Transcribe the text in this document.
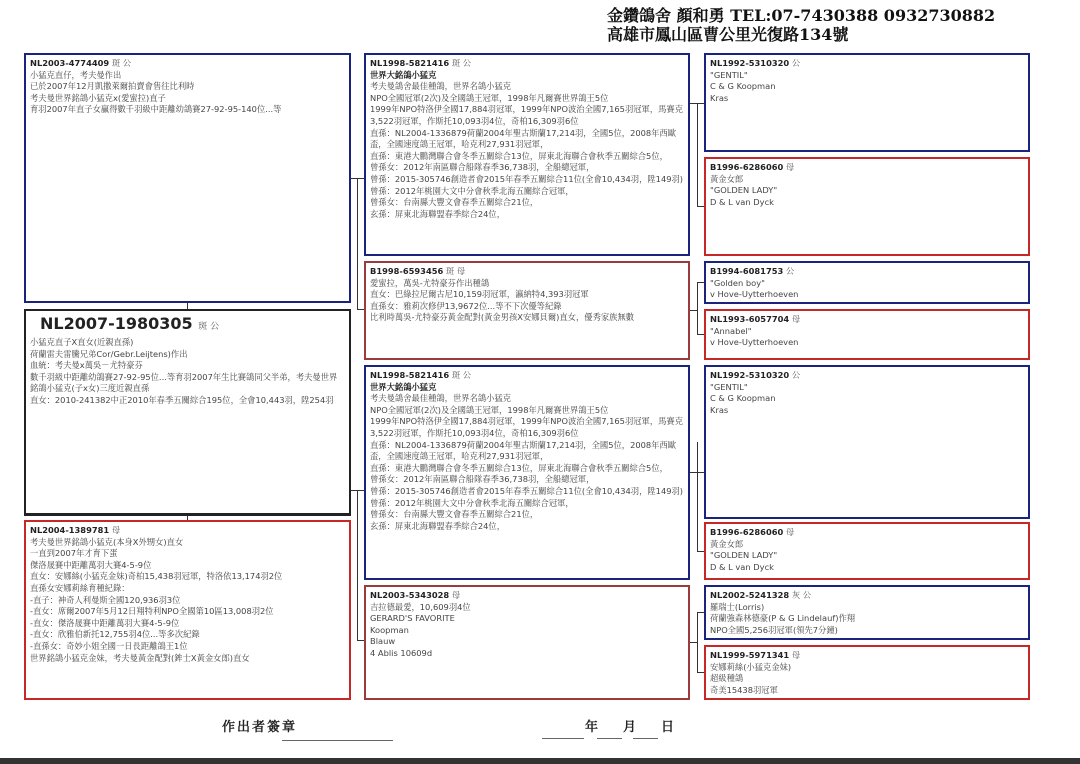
金鑽鴿舍 顏和勇 TEL:07-7430388 0932730882
高雄市鳳山區曹公里光復路134號
NL2003-4774409 斑 公
小猛克直仔，考夫曼作出
已於2007年12月凱撒萊爾拍賣會售往比利時
考夫曼世界銘鴿小猛克x(愛蜜拉)直子
育羽2007年直子女贏得數千羽級中距離幼鴿賽27-92-95-140位...等
NL2007-1980305 斑 公
小猛克直子X直女(近親直孫)
荷蘭雷夫雷騰兄弟Cor/Gebr.Leijtens)作出
血統：考夫曼x萬吳－尤特豪芬
數千羽級中距離幼鴿賽27-92-95位...等育羽2007年生比賽鴿同父半弟，考夫曼世界銘鴿小猛克(子x女)三度近親直孫
直女：2010-241382中正2010年春季五關綜合195位，全會10,443羽，陞254羽
NL2004-1389781 母
考夫曼世界銘鴿小猛克(本身X外甥女)直女
一直到2007年才育下蛋
傑洛晟賽中距離萬羽大賽4-5-9位
直女：安娜絲(小猛克金妹)奇柏15,438羽冠軍，特洛依13,174羽2位
直孫女安娜莉絲育種紀錄：
-直子：神奇人利曼斯全國120,936羽3位
-直女：席爾2007年5月12日翔特利NPO全國第10區13,008羽2位
-直女：傑洛晟賽中距離萬羽大賽4-5-9位
-直女：欣雅伯新托12,755羽4位...等多次紀錄
-直孫女：奇妙小姐全國一日長距離鴿王1位
世界銘鴿小猛克金妹，考夫曼黃金配對(鉾士X黃金女郎)直女
NL1998-5821416 斑 公
世界大銘鴿小猛克
考夫曼鴿舍最佳種鴿，世界名鴿小猛克
NPO全國冠軍(2次)及全國鴿王冠軍，1998年凡爾賽世界鴿王5位
1999年NPO特洛伊全國17,884羽冠軍，1999年NPO波治全國7,165羽冠軍，馬賽克3,522羽冠軍，作斯托10,093羽4位，奇柏16,309羽6位
直孫：NL2004-1336879荷蘭2004年聖古斯蘭17,214羽，全國5位，2008年西歐盃，全國速度鴿王冠軍，哈克利27,931羽冠軍，
直孫：東港大鵬灣聯合會冬季五關綜合13位，屏東北海聯合會秋季五關綜合5位，
曾孫女：2012年南區聯合船隊春季36,738羽，全船總冠軍，
曾孫：2015-305746創造者會2015年春季五關綜合11位(全會10,434羽，陞149羽)
曾孫：2012年桃園大文中分會秋季北海五關綜合冠軍，
曾孫女：台南縣大豐文會春季五關綜合21位，
玄孫：屏東北海聯盟春季綜合24位，
B1998-6593456 斑 母
愛蜜拉，萬吳-尤特豪芬作出種鴿
直女：巴綠拉尼爾古尼10,159羽冠軍，瀛納特4,393羽冠軍
直孫女：雅莉次修伊13,9672位...等不下次優等紀錄
比利時萬吳-尤特豪芬黃金配對(黃金男孩X安娜貝爾)直女，優秀家族無數
NL1998-5821416 斑 公
世界大銘鴿小猛克
考夫曼鴿舍最佳種鴿，世界名鴿小猛克
NPO全國冠軍(2次)及全國鴿王冠軍，1998年凡爾賽世界鴿王5位
1999年NPO特洛伊全國17,884羽冠軍，1999年NPO波治全國7,165羽冠軍，馬賽克3,522羽冠軍，作斯托10,093羽4位，奇柏16,309羽6位
直孫：NL2004-1336879荷蘭2004年聖古斯蘭17,214羽，全國5位，2008年西歐盃，全國速度鴿王冠軍，哈克利27,931羽冠軍，
直孫：東港大鵬灣聯合會冬季五關綜合13位，屏東北海聯合會秋季五關綜合5位，
曾孫女：2012年南區聯合船隊春季36,738羽，全船總冠軍，
曾孫：2015-305746創造者會2015年春季五關綜合11位(全會10,434羽，陞149羽)
曾孫：2012年桃園大文中分會秋季北海五關綜合冠軍，
曾孫女：台南縣大豐文會春季五關綜合21位，
玄孫：屏東北海聯盟春季綜合24位，
NL2003-5343028 母
吉拉德最愛，10,609羽4位
GERARD'S FAVORITE
Koopman
Blauw
4 Ablis 10609d
NL1992-5310320 公
"GENTIL"
C & G Koopman
Kras
B1996-6286060 母
黃金女郎
"GOLDEN LADY"
D & L van Dyck
B1994-6081753 公
"Golden boy"
v Hove-Uytterhoeven
NL1993-6057704 母
"Annabel"
v Hove-Uytterhoeven
NL1992-5310320 公
"GENTIL"
C & G Koopman
Kras
B1996-6286060 母
黃金女郎
"GOLDEN LADY"
D & L van Dyck
NL2002-5241328 灰 公
羅瑞士(Lorris)
荷蘭強森林德豪(P & G Lindelauf)作翔
NPO全國5,256羽冠軍(領先7分鐘)
NL1999-5971341 母
安娜莉絲(小猛克金妹)
超級種鴿
奇美15438羽冠軍
作出者簽章	年 月 日
